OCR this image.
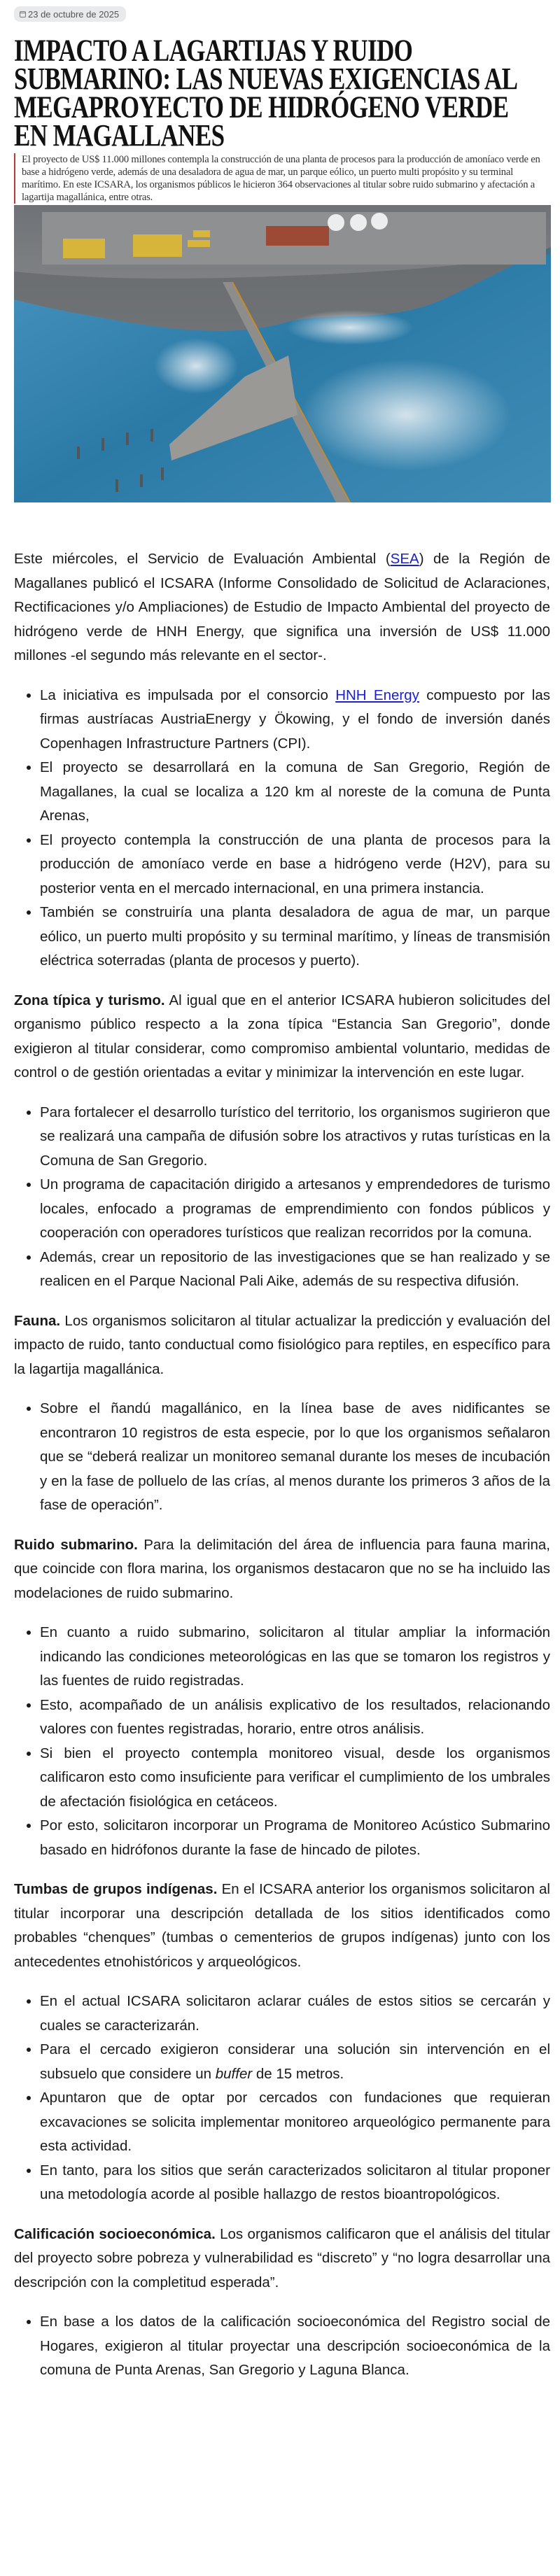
23 de octubre de 2025
IMPACTO A LAGARTIJAS Y RUIDO SUBMARINO: LAS NUEVAS EXIGENCIAS AL MEGAPROYECTO DE HIDRÓGENO VERDE EN MAGALLANES
El proyecto de US$ 11.000 millones contempla la construcción de una planta de procesos para la producción de amoníaco verde en base a hidrógeno verde, además de una desaladora de agua de mar, un parque eólico, un puerto multi propósito y su terminal marítimo. En este ICSARA, los organismos públicos le hicieron 364 observaciones al titular sobre ruido submarino y afectación a lagartija magallánica, entre otras.

Este miércoles, el Servicio de Evaluación Ambiental (SEA) de la Región de Magallanes publicó el ICSARA (Informe Consolidado de Solicitud de Aclaraciones, Rectificaciones y/o Ampliaciones) de Estudio de Impacto Ambiental del proyecto de hidrógeno verde de HNH Energy, que significa una inversión de US$ 11.000 millones -el segundo más relevante en el sector-.

• La iniciativa es impulsada por el consorcio HNH Energy compuesto por las firmas austríacas AustriaEnergy y Ökowing, y el fondo de inversión danés Copenhagen Infrastructure Partners (CPI).
• El proyecto se desarrollará en la comuna de San Gregorio, Región de Magallanes, la cual se localiza a 120 km al noreste de la comuna de Punta Arenas,
• El proyecto contempla la construcción de una planta de procesos para la producción de amoníaco verde en base a hidrógeno verde (H2V), para su posterior venta en el mercado internacional, en una primera instancia.
• También se construiría una planta desaladora de agua de mar, un parque eólico, un puerto multi propósito y su terminal marítimo, y líneas de transmisión eléctrica soterradas (planta de procesos y puerto).

Zona típica y turismo. Al igual que en el anterior ICSARA hubieron solicitudes del organismo público respecto a la zona típica “Estancia San Gregorio”, donde exigieron al titular considerar, como compromiso ambiental voluntario, medidas de control o de gestión orientadas a evitar y minimizar la intervención en este lugar.

• Para fortalecer el desarrollo turístico del territorio, los organismos sugirieron que se realizará una campaña de difusión sobre los atractivos y rutas turísticas en la Comuna de San Gregorio.
• Un programa de capacitación dirigido a artesanos y emprendedores de turismo locales, enfocado a programas de emprendimiento con fondos públicos y cooperación con operadores turísticos que realizan recorridos por la comuna.
• Además, crear un repositorio de las investigaciones que se han realizado y se realicen en el Parque Nacional Pali Aike, además de su respectiva difusión.

Fauna. Los organismos solicitaron al titular actualizar la predicción y evaluación del impacto de ruido, tanto conductual como fisiológico para reptiles, en específico para la lagartija magallánica.

• Sobre el ñandú magallánico, en la línea base de aves nidificantes se encontraron 10 registros de esta especie, por lo que los organismos señalaron que se “deberá realizar un monitoreo semanal durante los meses de incubación y en la fase de polluelo de las crías, al menos durante los primeros 3 años de la fase de operación”.

Ruido submarino. Para la delimitación del área de influencia para fauna marina, que coincide con flora marina, los organismos destacaron que no se ha incluido las modelaciones de ruido submarino.

• En cuanto a ruido submarino, solicitaron al titular ampliar la información indicando las condiciones meteorológicas en las que se tomaron los registros y las fuentes de ruido registradas.
• Esto, acompañado de un análisis explicativo de los resultados, relacionando valores con fuentes registradas, horario, entre otros análisis.
• Si bien el proyecto contempla monitoreo visual, desde los organismos calificaron esto como insuficiente para verificar el cumplimiento de los umbrales de afectación fisiológica en cetáceos.
• Por esto, solicitaron incorporar un Programa de Monitoreo Acústico Submarino basado en hidrófonos durante la fase de hincado de pilotes.

Tumbas de grupos indígenas. En el ICSARA anterior los organismos solicitaron al titular incorporar una descripción detallada de los sitios identificados como probables “chenques” (tumbas o cementerios de grupos indígenas) junto con los antecedentes etnohistóricos y arqueológicos.

• En el actual ICSARA solicitaron aclarar cuáles de estos sitios se cercarán y cuales se caracterizarán.
• Para el cercado exigieron considerar una solución sin intervención en el subsuelo que considere un buffer de 15 metros.
• Apuntaron que de optar por cercados con fundaciones que requieran excavaciones se solicita implementar monitoreo arqueológico permanente para esta actividad.
• En tanto, para los sitios que serán caracterizados solicitaron al titular proponer una metodología acorde al posible hallazgo de restos bioantropológicos.

Calificación socioeconómica. Los organismos calificaron que el análisis del titular del proyecto sobre pobreza y vulnerabilidad es “discreto” y “no logra desarrollar una descripción con la completitud esperada”.

• En base a los datos de la calificación socioeconómica del Registro social de Hogares, exigieron al titular proyectar una descripción socioeconómica de la comuna de Punta Arenas, San Gregorio y Laguna Blanca.
